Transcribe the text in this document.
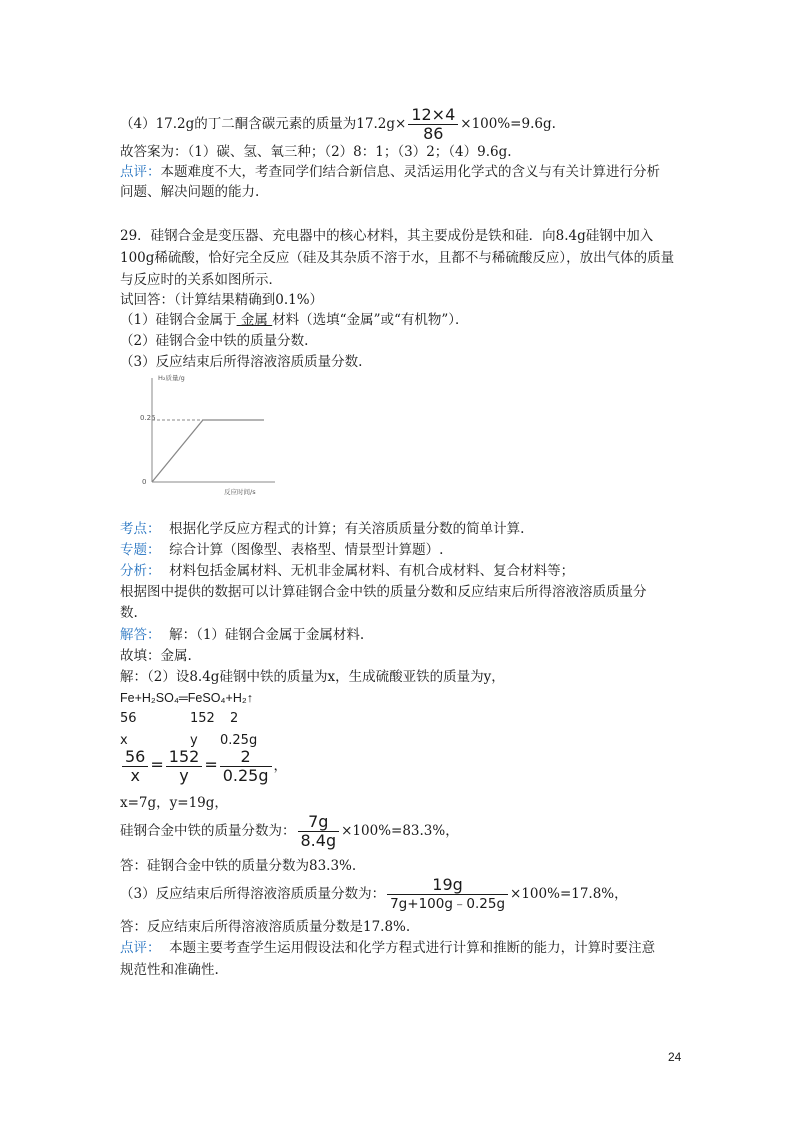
（4）17.2g的丁二酮含碳元素的质量为$17.2g\times \frac{12\times 4}{86} \times 100\%=9.6g$.
故答案为：（1）碳、氢、氧三种；（2）8：1；（3）2；（4）9.6g.
点评：本题难度不大，考查同学们结合新信息、灵活运用化学式的含义与有关计算进行分析
问题、解决问题的能力.
29．硅钢合金是变压器、充电器中的核心材料，其主要成份是铁和硅．向8.4g硅钢中加入
100g稀硫酸，恰好完全反应（硅及其杂质不溶于水，且都不与稀硫酸反应），放出气体的质量
与反应时的关系如图所示．
试回答：（计算结果精确到0.1%）
（1）硅钢合金属于 金属 材料（选填“金属”或“有机物”）．
（2）硅钢合金中铁的质量分数.
（3）反应结束后所得溶液溶质质量分数.
H₂质量/g
0.25
0
反应时间/s
考点： 根据化学反应方程式的计算；有关溶质质量分数的简单计算.
专题： 综合计算（图像型、表格型、情景型计算题）.
分析： 材料包括金属材料、无机非金属材料、有机合成材料、复合材料等；
根据图中提供的数据可以计算硅钢合金中铁的质量分数和反应结束后所得溶液溶质质量分
数.
解答： 解：（1）硅钢合金属于金属材料.
故填：金属.
解：（2）设8.4g硅钢中铁的质量为x，生成硫酸亚铁的质量为y，
Fe+H₂SO₄═FeSO₄+H₂↑
56	152 2
x	y 0.25g
$\frac{56}{x} = \frac{152}{y} = \frac{2}{0.25g}$ ，
x=7g，y=19g，
硅钢合金中铁的质量分数为： $\frac{7g}{8.4g} \times 100\%=83.3\%$，
答：硅钢合金中铁的质量分数为83.3%.
（3）反应结束后所得溶液溶质质量分数为： $\frac{19g}{7g+100g﹣0.25g} \times 100\%=17.8\%$，
答：反应结束后所得溶液溶质质量分数是17.8%.
点评： 本题主要考查学生运用假设法和化学方程式进行计算和推断的能力，计算时要注意
规范性和准确性.
24
